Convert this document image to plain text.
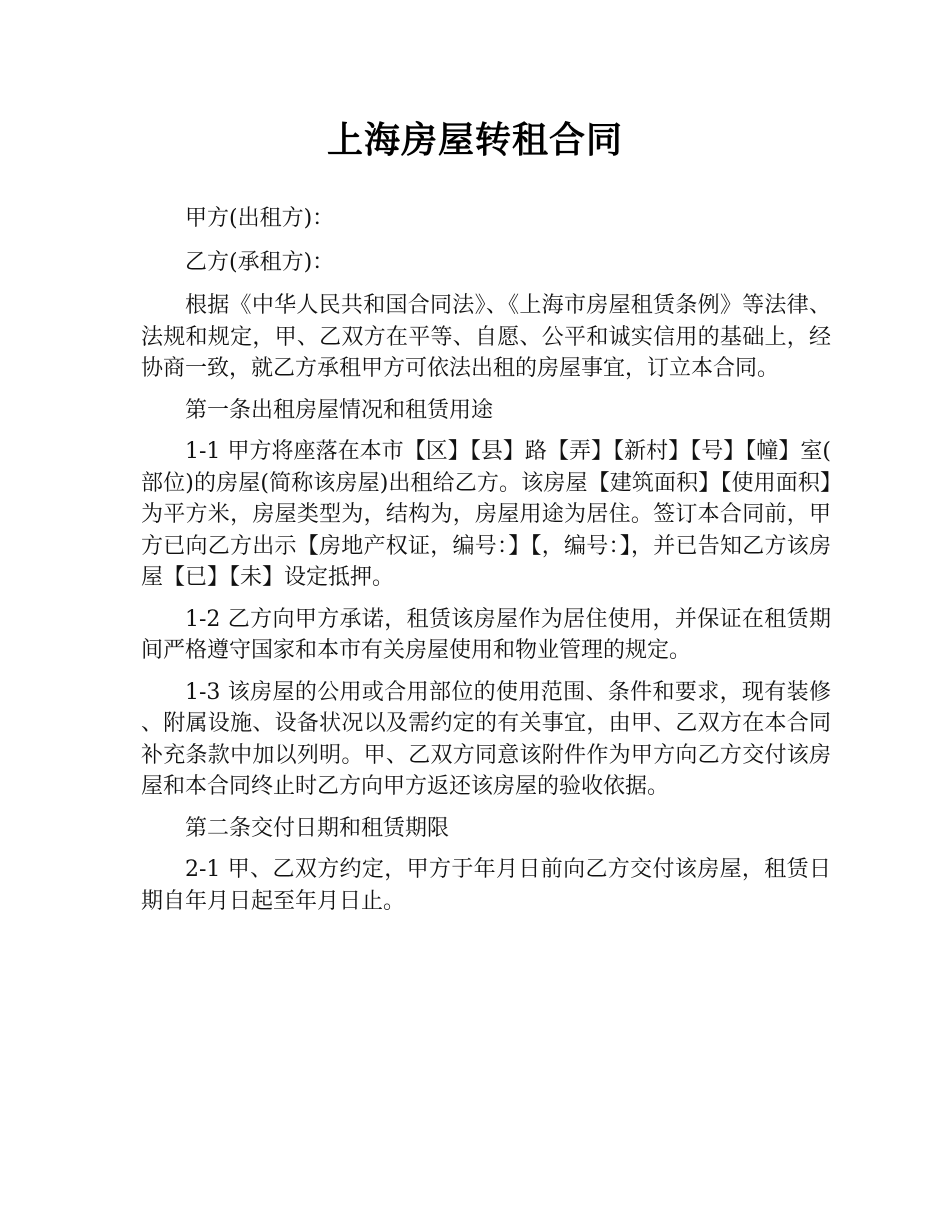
上海房屋转租合同

甲方(出租方)：

乙方(承租方)：

根据《中华人民共和国合同法》、《上海市房屋租赁条例》等法律、法规和规定，甲、乙双方在平等、自愿、公平和诚实信用的基础上，经协商一致，就乙方承租甲方可依法出租的房屋事宜，订立本合同。

第一条出租房屋情况和租赁用途

1-1 甲方将座落在本市【区】【县】路【弄】【新村】【号】【幢】室(部位)的房屋(简称该房屋)出租给乙方。该房屋【建筑面积】【使用面积】为平方米，房屋类型为，结构为，房屋用途为居住。签订本合同前，甲方已向乙方出示【房地产权证，编号：】【，编号：】，并已告知乙方该房屋【已】【未】设定抵押。

1-2 乙方向甲方承诺，租赁该房屋作为居住使用，并保证在租赁期间严格遵守国家和本市有关房屋使用和物业管理的规定。

1-3 该房屋的公用或合用部位的使用范围、条件和要求，现有装修、附属设施、设备状况以及需约定的有关事宜，由甲、乙双方在本合同补充条款中加以列明。甲、乙双方同意该附件作为甲方向乙方交付该房屋和本合同终止时乙方向甲方返还该房屋的验收依据。

第二条交付日期和租赁期限

2-1 甲、乙双方约定，甲方于年月日前向乙方交付该房屋，租赁日期自年月日起至年月日止。
